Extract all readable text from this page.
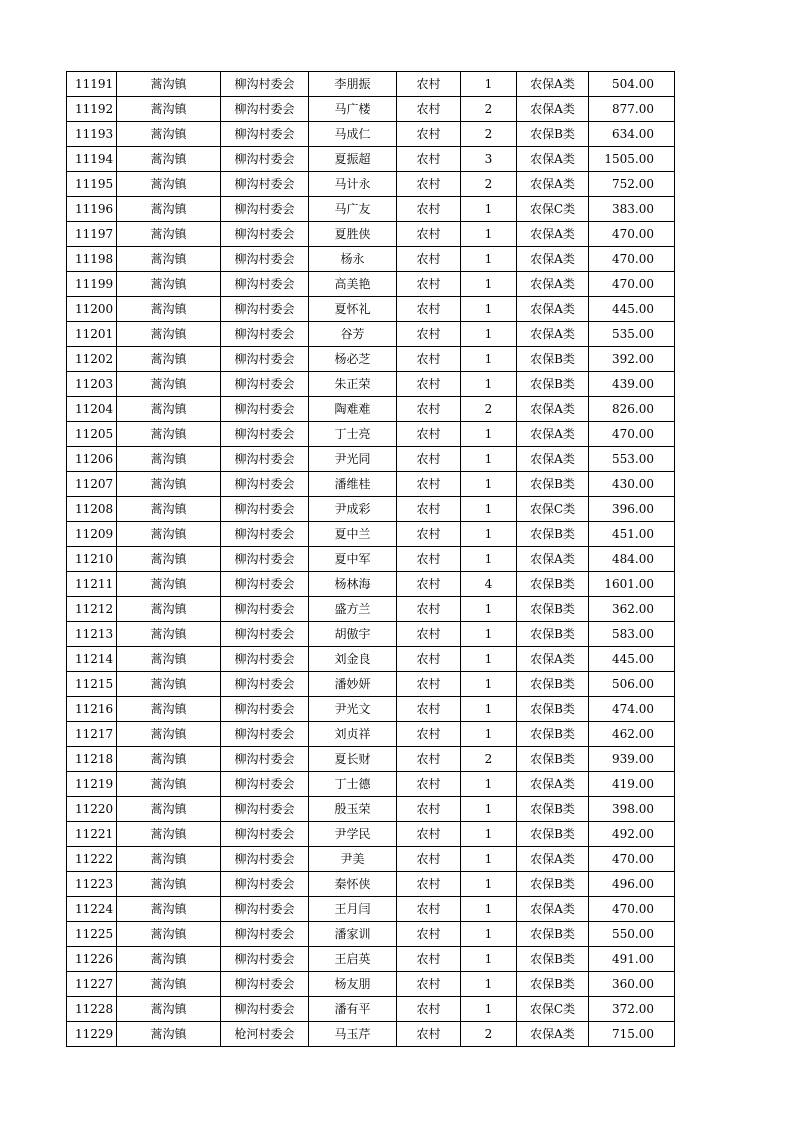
11191	蒿沟镇	柳沟村委会	李朋振	农村	1	农保A类	504.00
11192	蒿沟镇	柳沟村委会	马广楼	农村	2	农保A类	877.00
11193	蒿沟镇	柳沟村委会	马成仁	农村	2	农保B类	634.00
11194	蒿沟镇	柳沟村委会	夏振超	农村	3	农保A类	1505.00
11195	蒿沟镇	柳沟村委会	马计永	农村	2	农保A类	752.00
11196	蒿沟镇	柳沟村委会	马广友	农村	1	农保C类	383.00
11197	蒿沟镇	柳沟村委会	夏胜侠	农村	1	农保A类	470.00
11198	蒿沟镇	柳沟村委会	杨永	农村	1	农保A类	470.00
11199	蒿沟镇	柳沟村委会	高美艳	农村	1	农保A类	470.00
11200	蒿沟镇	柳沟村委会	夏怀礼	农村	1	农保A类	445.00
11201	蒿沟镇	柳沟村委会	谷芳	农村	1	农保A类	535.00
11202	蒿沟镇	柳沟村委会	杨必芝	农村	1	农保B类	392.00
11203	蒿沟镇	柳沟村委会	朱正荣	农村	1	农保B类	439.00
11204	蒿沟镇	柳沟村委会	陶难难	农村	2	农保A类	826.00
11205	蒿沟镇	柳沟村委会	丁士亮	农村	1	农保A类	470.00
11206	蒿沟镇	柳沟村委会	尹光同	农村	1	农保A类	553.00
11207	蒿沟镇	柳沟村委会	潘维桂	农村	1	农保B类	430.00
11208	蒿沟镇	柳沟村委会	尹成彩	农村	1	农保C类	396.00
11209	蒿沟镇	柳沟村委会	夏中兰	农村	1	农保B类	451.00
11210	蒿沟镇	柳沟村委会	夏中军	农村	1	农保A类	484.00
11211	蒿沟镇	柳沟村委会	杨林海	农村	4	农保B类	1601.00
11212	蒿沟镇	柳沟村委会	盛方兰	农村	1	农保B类	362.00
11213	蒿沟镇	柳沟村委会	胡傲宇	农村	1	农保B类	583.00
11214	蒿沟镇	柳沟村委会	刘金良	农村	1	农保A类	445.00
11215	蒿沟镇	柳沟村委会	潘妙妍	农村	1	农保B类	506.00
11216	蒿沟镇	柳沟村委会	尹光文	农村	1	农保B类	474.00
11217	蒿沟镇	柳沟村委会	刘贞祥	农村	1	农保B类	462.00
11218	蒿沟镇	柳沟村委会	夏长财	农村	2	农保B类	939.00
11219	蒿沟镇	柳沟村委会	丁士德	农村	1	农保A类	419.00
11220	蒿沟镇	柳沟村委会	殷玉荣	农村	1	农保B类	398.00
11221	蒿沟镇	柳沟村委会	尹学民	农村	1	农保B类	492.00
11222	蒿沟镇	柳沟村委会	尹美	农村	1	农保A类	470.00
11223	蒿沟镇	柳沟村委会	秦怀侠	农村	1	农保B类	496.00
11224	蒿沟镇	柳沟村委会	王月闫	农村	1	农保A类	470.00
11225	蒿沟镇	柳沟村委会	潘家训	农村	1	农保B类	550.00
11226	蒿沟镇	柳沟村委会	王启英	农村	1	农保B类	491.00
11227	蒿沟镇	柳沟村委会	杨友朋	农村	1	农保B类	360.00
11228	蒿沟镇	柳沟村委会	潘有平	农村	1	农保C类	372.00
11229	蒿沟镇	枪河村委会	马玉芹	农村	2	农保A类	715.00
